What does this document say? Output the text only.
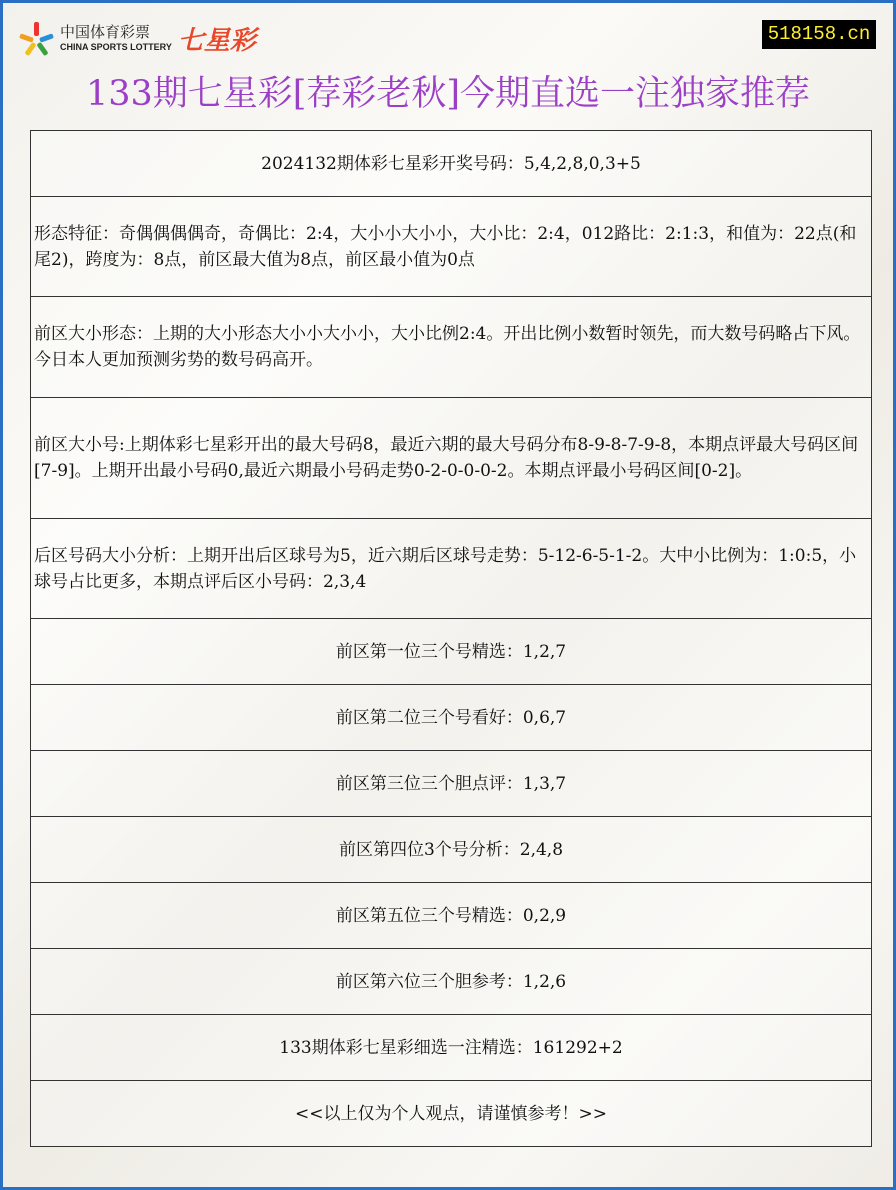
中国体育彩票
CHINA SPORTS LOTTERY 七星彩	518158.cn
133期七星彩[荐彩老秋]今期直选一注独家推荐
2024132期体彩七星彩开奖号码：5,4,2,8,0,3+5
形态特征：奇偶偶偶偶奇，奇偶比：2:4，大小小大小小，大小比：2:4，012路比：2:1:3，和值为：22点(和尾2)，跨度为：8点，前区最大值为8点，前区最小值为0点
前区大小形态：上期的大小形态大小小大小小，大小比例2:4。开出比例小数暂时领先，而大数号码略占下风。今日本人更加预测劣势的数号码高开。
前区大小号:上期体彩七星彩开出的最大号码8，最近六期的最大号码分布8-9-8-7-9-8，本期点评最大号码区间[7-9]。上期开出最小号码0,最近六期最小号码走势0-2-0-0-0-2。本期点评最小号码区间[0-2]。
后区号码大小分析：上期开出后区球号为5，近六期后区球号走势：5-12-6-5-1-2。大中小比例为：1:0:5，小球号占比更多，本期点评后区小号码：2,3,4
前区第一位三个号精选：1,2,7
前区第二位三个号看好：0,6,7
前区第三位三个胆点评：1,3,7
前区第四位3个号分析：2,4,8
前区第五位三个号精选：0,2,9
前区第六位三个胆参考：1,2,6
133期体彩七星彩细选一注精选：161292+2
<<以上仅为个人观点，请谨慎参考！>>
